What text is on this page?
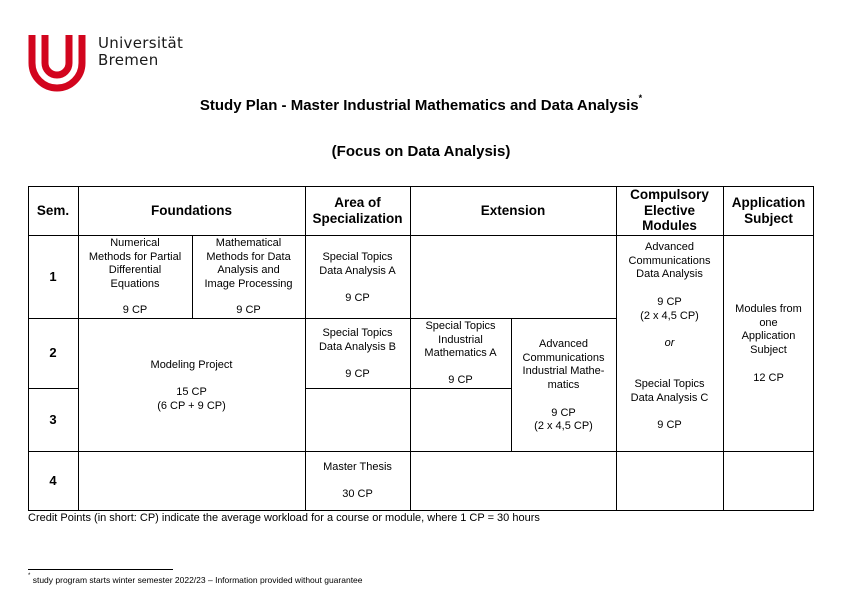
Universität
Bremen
Study Plan - Master Industrial Mathematics and Data Analysis*
(Focus on Data Analysis)
Sem.	Foundations
Area of
Specialization
Extension
Compulsory
Elective
Modules
Application
Subject
1
2
3
4
Numerical
Methods for Partial
Differential
Equations
9 CP
Mathematical
Methods for Data
Analysis and
Image Processing
9 CP
Special Topics
Data Analysis A
9 CP
Advanced
Communications
Data Analysis
9 CP
(2 x 4,5 CP)
or
Special Topics
Data Analysis C
9 CP
Modules from
one
Application
Subject
12 CP
Modeling Project
15 CP
(6 CP + 9 CP)
Special Topics
Data Analysis B
9 CP
Special Topics
Industrial
Mathematics A
9 CP
Advanced
Communications
Industrial Mathe-
matics
9 CP
(2 x 4,5 CP)
Master Thesis
30 CP
Credit Points (in short: CP) indicate the average workload for a course or module, where 1 CP = 30 hours
* study program starts winter semester 2022/23 – Information provided without guarantee
